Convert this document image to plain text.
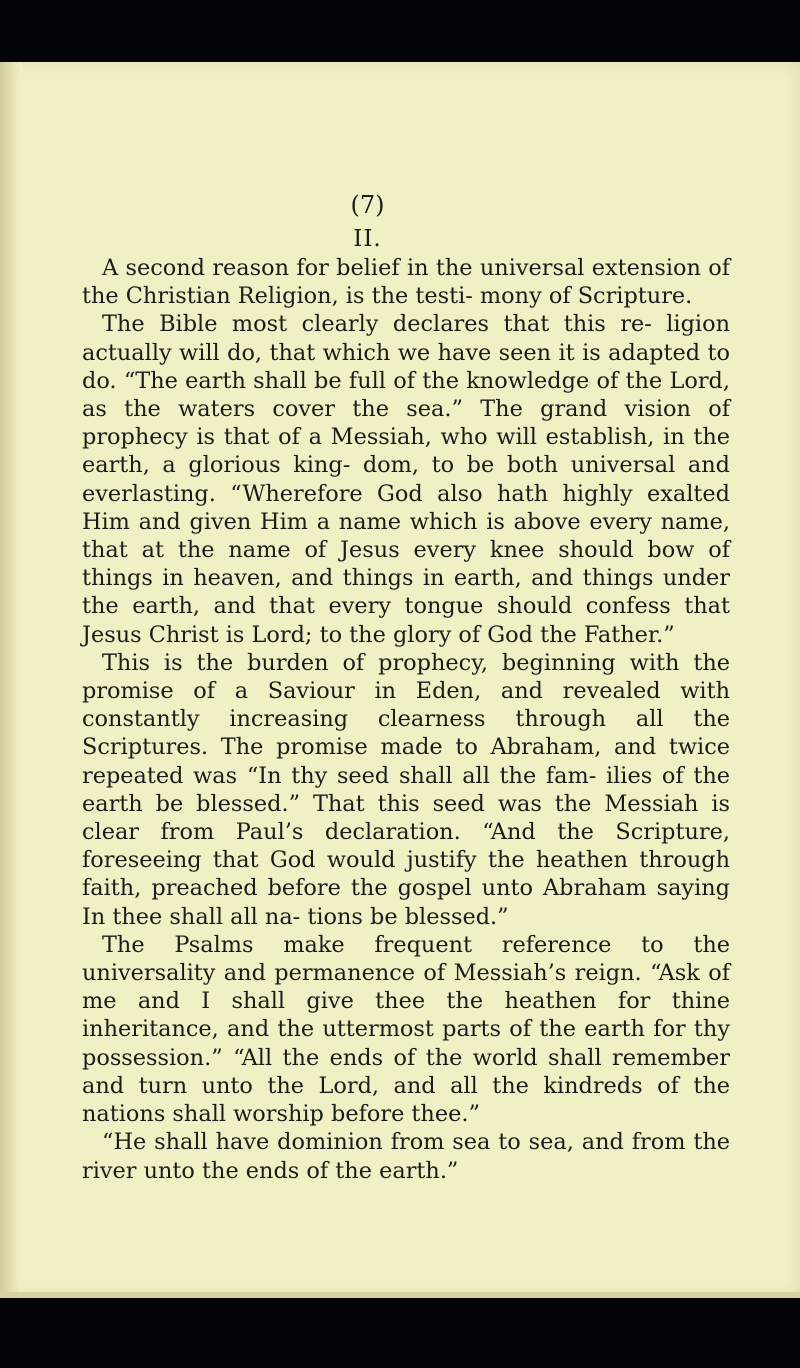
(7)
II.

A second reason for belief in the universal extension of the Christian Religion, is the testi- mony of Scripture.

The Bible most clearly declares that this re- ligion actually will do, that which we have seen it is adapted to do. “The earth shall be full of the knowledge of the Lord, as the waters cover the sea.” The grand vision of prophecy is that of a Messiah, who will establish, in the earth, a glorious king- dom, to be both universal and everlasting. “Wherefore God also hath highly exalted Him and given Him a name which is above every name, that at the name of Jesus every knee should bow of things in heaven, and things in earth, and things under the earth, and that every tongue should confess that Jesus Christ is Lord; to the glory of God the Father.”

This is the burden of prophecy, beginning with the promise of a Saviour in Eden, and revealed with constantly increasing clearness through all the Scriptures. The promise made to Abraham, and twice repeated was “In thy seed shall all the fam- ilies of the earth be blessed.” That this seed was the Messiah is clear from Paul’s declaration. “And the Scripture, foreseeing that God would justify the heathen through faith, preached before the gospel unto Abraham saying In thee shall all na- tions be blessed.”

The Psalms make frequent reference to the universality and permanence of Messiah’s reign. “Ask of me and I shall give thee the heathen for thine inheritance, and the uttermost parts of the earth for thy possession.” “All the ends of the world shall remember and turn unto the Lord, and all the kindreds of the nations shall worship before thee.”

“He shall have dominion from sea to sea, and from the river unto the ends of the earth.”
